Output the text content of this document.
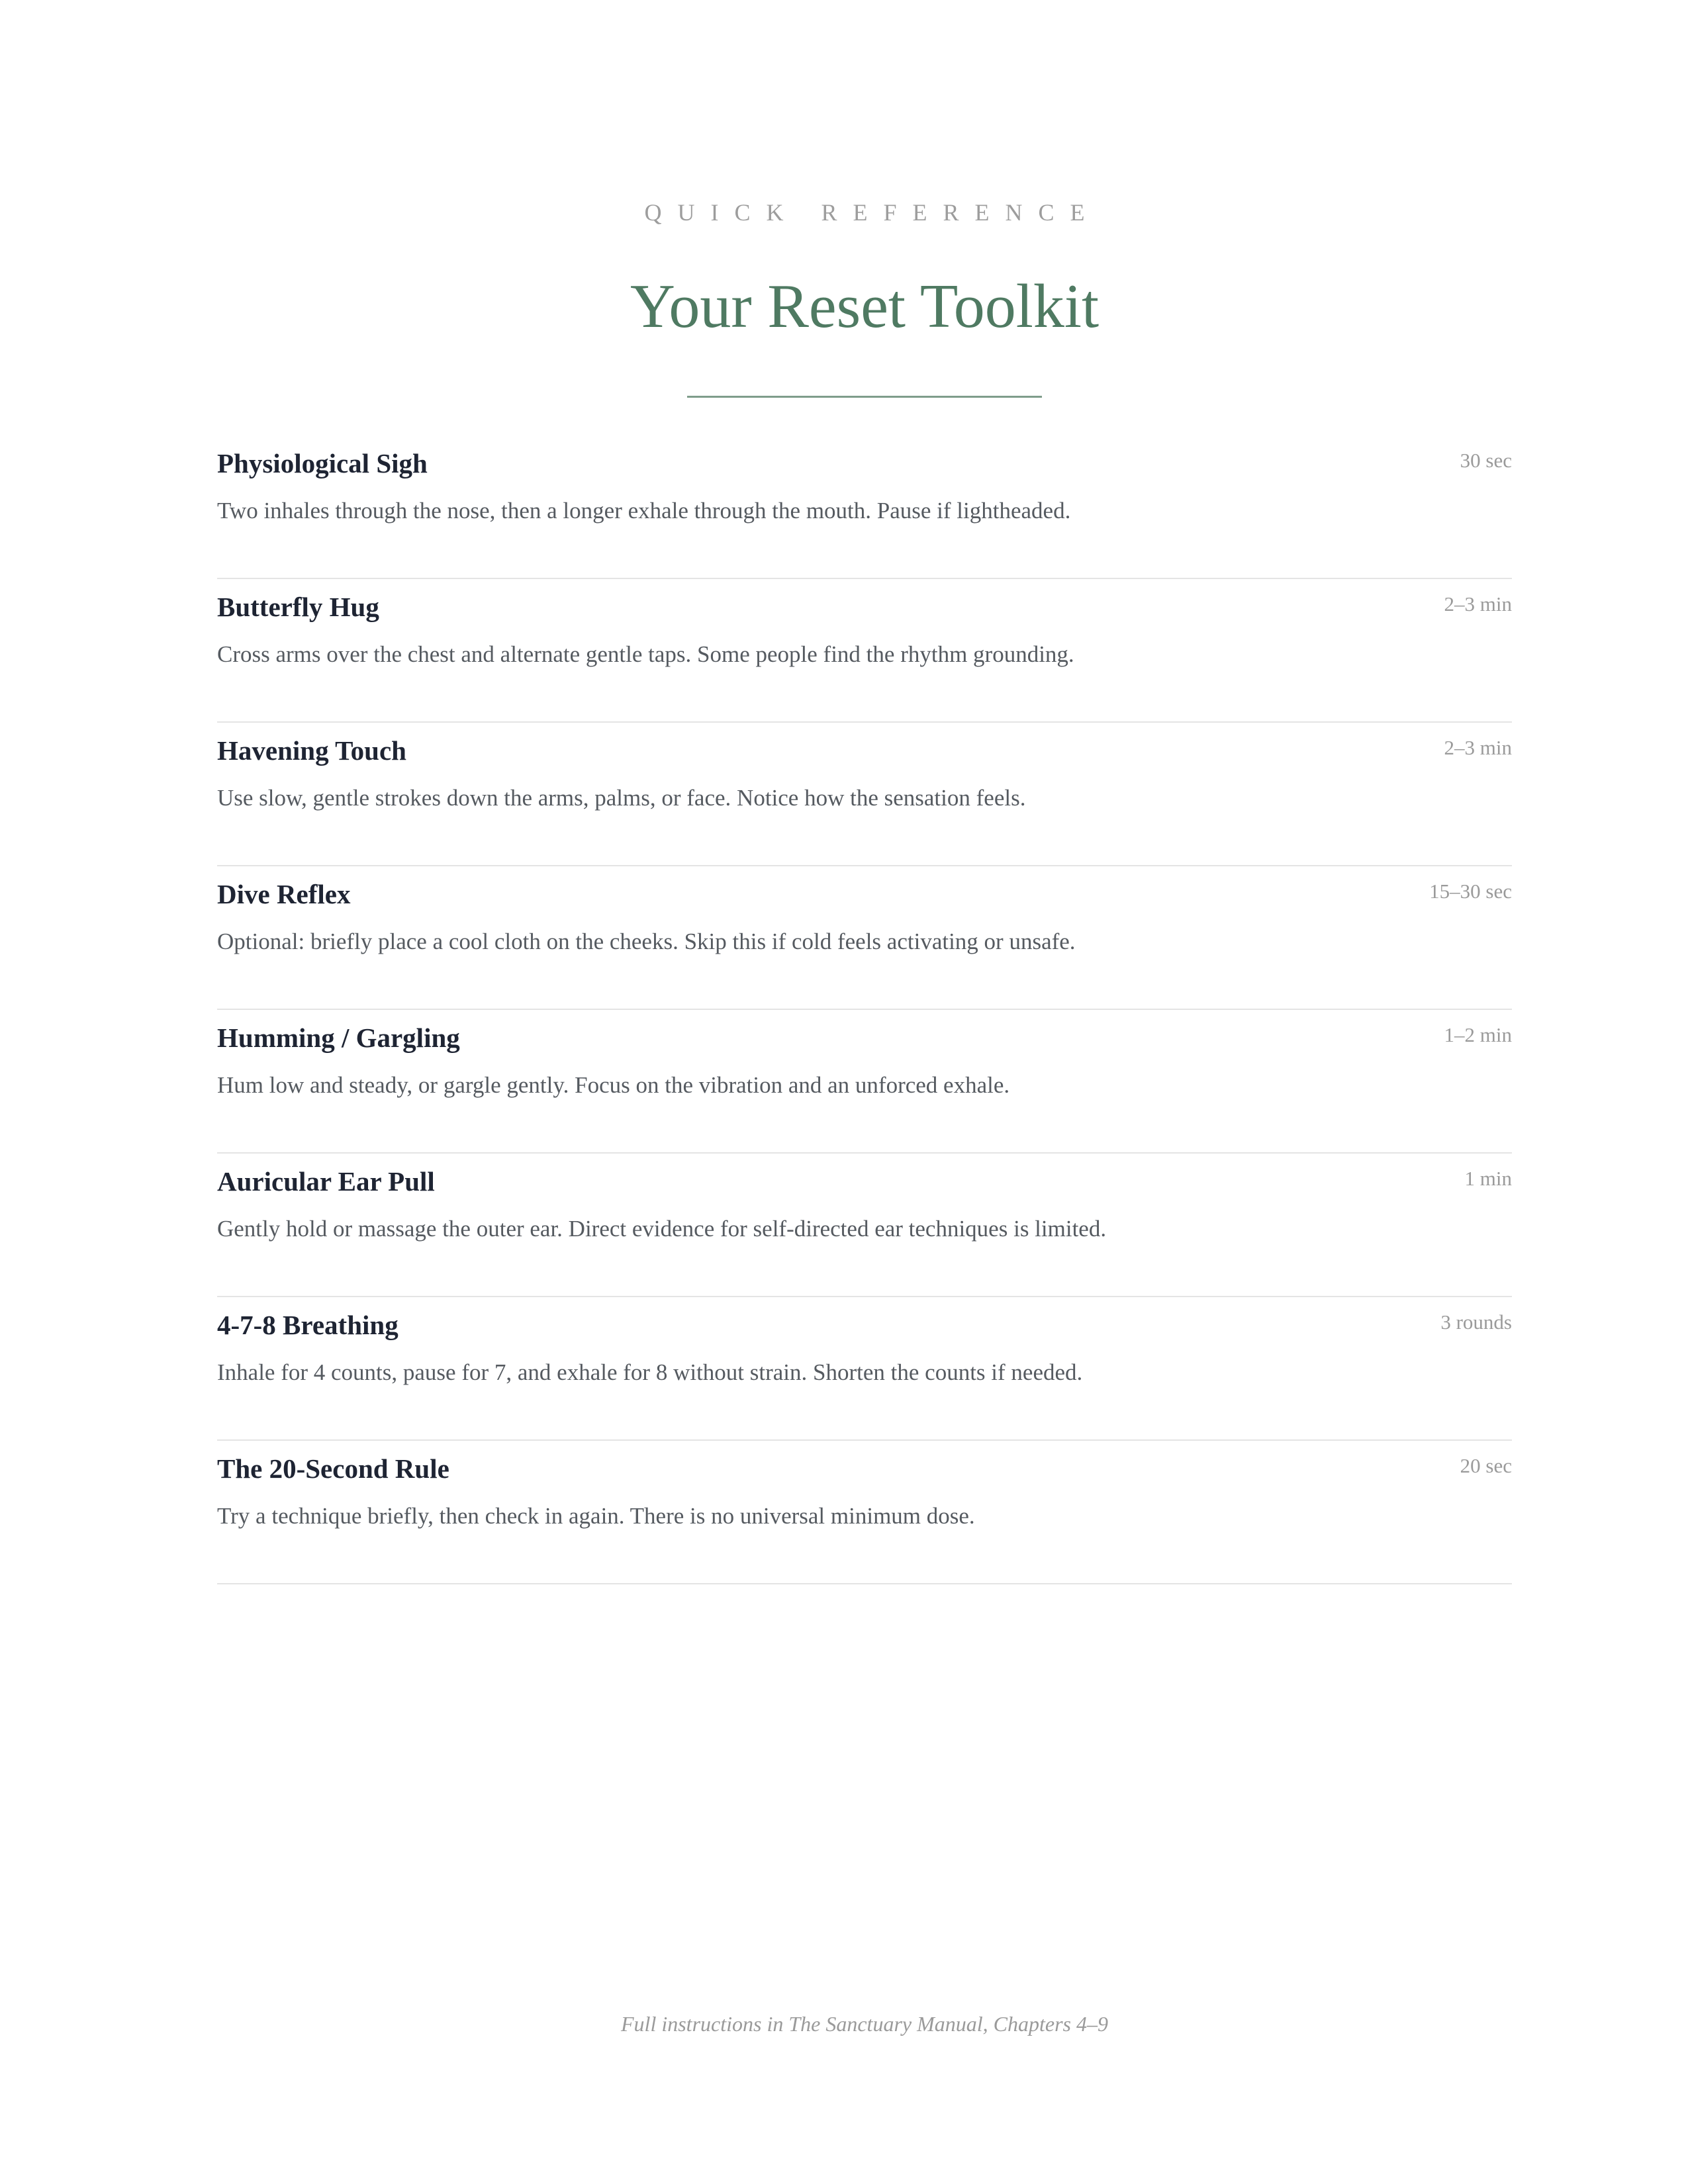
QUICK REFERENCE
Your Reset Toolkit
Physiological Sigh	30 sec
Two inhales through the nose, then a longer exhale through the mouth. Pause if lightheaded.
Butterfly Hug	2–3 min
Cross arms over the chest and alternate gentle taps. Some people find the rhythm grounding.
Havening Touch	2–3 min
Use slow, gentle strokes down the arms, palms, or face. Notice how the sensation feels.
Dive Reflex	15–30 sec
Optional: briefly place a cool cloth on the cheeks. Skip this if cold feels activating or unsafe.
Humming / Gargling	1–2 min
Hum low and steady, or gargle gently. Focus on the vibration and an unforced exhale.
Auricular Ear Pull	1 min
Gently hold or massage the outer ear. Direct evidence for self-directed ear techniques is limited.
4-7-8 Breathing	3 rounds
Inhale for 4 counts, pause for 7, and exhale for 8 without strain. Shorten the counts if needed.
The 20-Second Rule	20 sec
Try a technique briefly, then check in again. There is no universal minimum dose.
Full instructions in The Sanctuary Manual, Chapters 4–9
